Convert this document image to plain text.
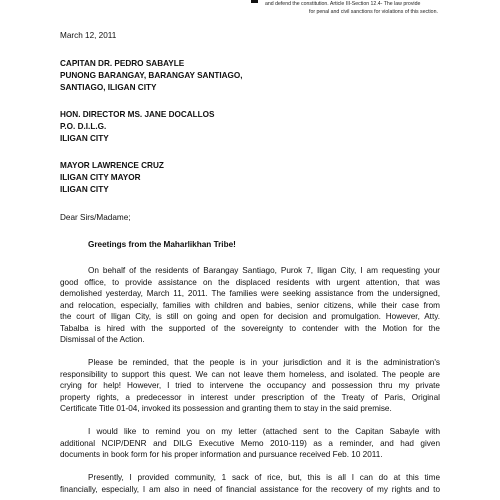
and defend the constitution. Article III-Section 12.4- The law provide
for penal and civil sanctions for violations of this section.
March 12, 2011
CAPITAN DR. PEDRO SABAYLE
PUNONG BARANGAY, BARANGAY SANTIAGO,
SANTIAGO, ILIGAN CITY
HON. DIRECTOR MS. JANE DOCALLOS
P.O. D.I.L.G.
ILIGAN CITY
MAYOR LAWRENCE CRUZ
ILIGAN CITY MAYOR
ILIGAN CITY
Dear Sirs/Madame;
Greetings from the Maharlikhan Tribe!
On behalf of the residents of Barangay Santiago, Purok 7, Iligan City, I am requesting your
good office, to provide assistance on the displaced residents with urgent attention, that was
demolished yesterday, March 11, 2011. The families were seeking assistance from the undersigned,
and relocation, especially, families with children and babies, senior citizens, while their case from
the court of Iligan City, is still on going and open for decision and promulgation. However, Atty.
Tabalba is hired with the supported of the sovereignty to contender with the Motion for the
Dismissal of the Action.
Please be reminded, that the people is in your jurisdiction and it is the administration's
responsibility to support this quest. We can not leave them homeless, and isolated. The people are
crying for help! However, I tried to intervene the occupancy and possession thru my private
property rights, a predecessor in interest under prescription of the Treaty of Paris, Original
Certificate Title 01-04, invoked its possession and granting them to stay in the said premise.
I would like to remind you on my letter (attached sent to the Capitan Sabayle with
additional NCIP/DENR and DILG Executive Memo 2010-119) as a reminder, and had given
documents in book form for his proper information and pursuance received Feb. 10 2011.
Presently, I provided community, 1 sack of rice, but, this is all I can do at this time
financially, especially, I am also in need of financial assistance for the recovery of my rights and to
